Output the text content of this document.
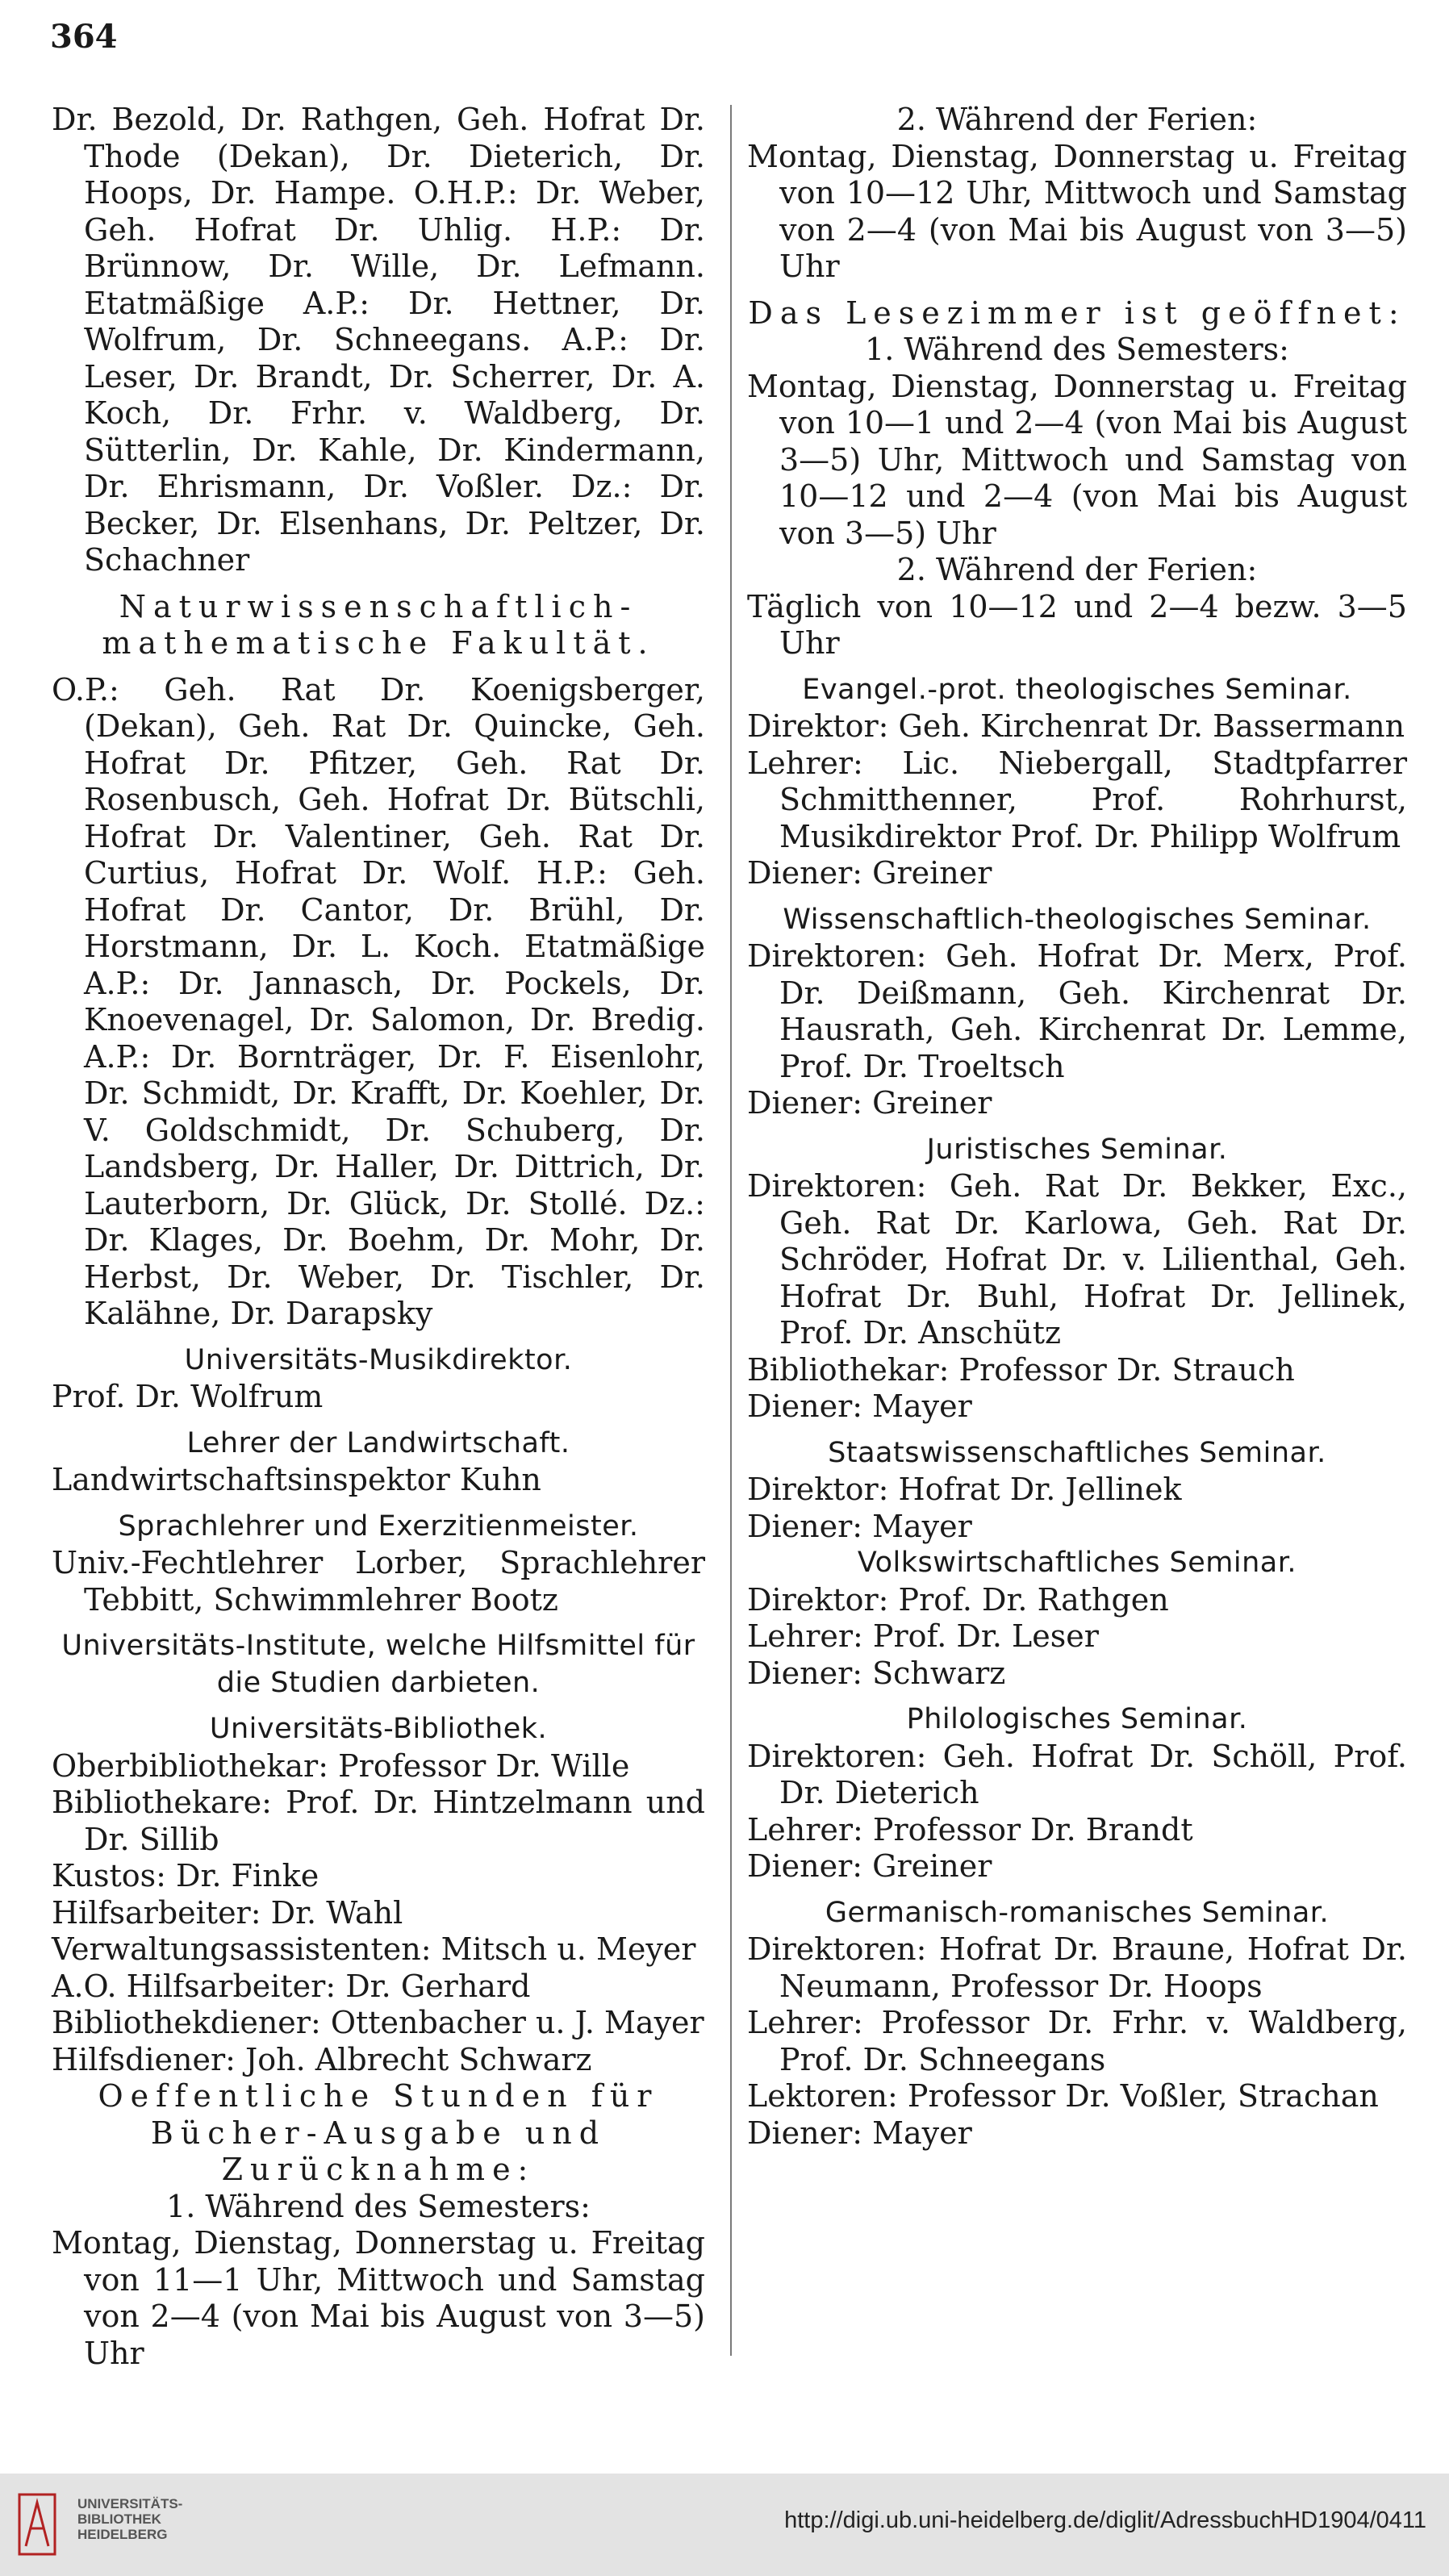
364

Dr. Bezold, Dr. Rathgen, Geh. Hofrat Dr. Thode (Dekan), Dr. Dieterich, Dr. Hoops, Dr. Hampe. O.H.P.: Dr. Weber, Geh. Hofrat Dr. Uhlig. H.P.: Dr. Brünnow, Dr. Wille, Dr. Lefmann. Etatmäßige A.P.: Dr. Hettner, Dr. Wolfrum, Dr. Schneegans. A.P.: Dr. Leser, Dr. Brandt, Dr. Scherrer, Dr. A. Koch, Dr. Frhr. v. Waldberg, Dr. Sütterlin, Dr. Kahle, Dr. Kindermann, Dr. Ehrismann, Dr. Voßler. Dz.: Dr. Becker, Dr. Elsenhans, Dr. Peltzer, Dr. Schachner

Naturwissenschaftlich-mathematische Fakultät.

O.P.: Geh. Rat Dr. Koenigsberger, (Dekan), Geh. Rat Dr. Quincke, Geh. Hofrat Dr. Pfitzer, Geh. Rat Dr. Rosenbusch, Geh. Hofrat Dr. Bütschli, Hofrat Dr. Valentiner, Geh. Rat Dr. Curtius, Hofrat Dr. Wolf. H.P.: Geh. Hofrat Dr. Cantor, Dr. Brühl, Dr. Horstmann, Dr. L. Koch. Etatmäßige A.P.: Dr. Jannasch, Dr. Pockels, Dr. Knoevenagel, Dr. Salomon, Dr. Bredig. A.P.: Dr. Bornträger, Dr. F. Eisenlohr, Dr. Schmidt, Dr. Krafft, Dr. Koehler, Dr. V. Goldschmidt, Dr. Schuberg, Dr. Landsberg, Dr. Haller, Dr. Dittrich, Dr. Lauterborn, Dr. Glück, Dr. Stollé. Dz.: Dr. Klages, Dr. Boehm, Dr. Mohr, Dr. Herbst, Dr. Weber, Dr. Tischler, Dr. Kalähne, Dr. Darapsky

Universitäts-Musikdirektor.

Prof. Dr. Wolfrum

Lehrer der Landwirtschaft.

Landwirtschaftsinspektor Kuhn

Sprachlehrer und Exerzitienmeister.

Univ.-Fechtlehrer Lorber, Sprachlehrer Tebbitt, Schwimmlehrer Bootz

Universitäts-Institute, welche Hilfsmittel für die Studien darbieten.

Universitäts-Bibliothek.

Oberbibliothekar: Professor Dr. Wille

Bibliothekare: Prof. Dr. Hintzelmann und Dr. Sillib

Kustos: Dr. Finke

Hilfsarbeiter: Dr. Wahl

Verwaltungsassistenten: Mitsch u. Meyer

A.O. Hilfsarbeiter: Dr. Gerhard

Bibliothekdiener: Ottenbacher u. J. Mayer

Hilfsdiener: Joh. Albrecht Schwarz

Oeffentliche Stunden für Bücher-Ausgabe und Zurücknahme:

1. Während des Semesters:

Montag, Dienstag, Donnerstag u. Freitag von 11—1 Uhr, Mittwoch und Samstag von 2—4 (von Mai bis August von 3—5) Uhr

2. Während der Ferien:

Montag, Dienstag, Donnerstag u. Freitag von 10—12 Uhr, Mittwoch und Samstag von 2—4 (von Mai bis August von 3—5) Uhr

Das Lesezimmer ist geöffnet:

1. Während des Semesters:

Montag, Dienstag, Donnerstag u. Freitag von 10—1 und 2—4 (von Mai bis August 3—5) Uhr, Mittwoch und Samstag von 10—12 und 2—4 (von Mai bis August von 3—5) Uhr

2. Während der Ferien:

Täglich von 10—12 und 2—4 bezw. 3—5 Uhr

Evangel.-prot. theologisches Seminar.

Direktor: Geh. Kirchenrat Dr. Bassermann

Lehrer: Lic. Niebergall, Stadtpfarrer Schmitthenner, Prof. Rohrhurst, Musikdirektor Prof. Dr. Philipp Wolfrum

Diener: Greiner

Wissenschaftlich-theologisches Seminar.

Direktoren: Geh. Hofrat Dr. Merx, Prof. Dr. Deißmann, Geh. Kirchenrat Dr. Hausrath, Geh. Kirchenrat Dr. Lemme, Prof. Dr. Troeltsch

Diener: Greiner

Juristisches Seminar.

Direktoren: Geh. Rat Dr. Bekker, Exc., Geh. Rat Dr. Karlowa, Geh. Rat Dr. Schröder, Hofrat Dr. v. Lilienthal, Geh. Hofrat Dr. Buhl, Hofrat Dr. Jellinek, Prof. Dr. Anschütz

Bibliothekar: Professor Dr. Strauch

Diener: Mayer

Staatswissenschaftliches Seminar.

Direktor: Hofrat Dr. Jellinek

Diener: Mayer

Volkswirtschaftliches Seminar.

Direktor: Prof. Dr. Rathgen

Lehrer: Prof. Dr. Leser

Diener: Schwarz

Philologisches Seminar.

Direktoren: Geh. Hofrat Dr. Schöll, Prof. Dr. Dieterich

Lehrer: Professor Dr. Brandt

Diener: Greiner

Germanisch-romanisches Seminar.

Direktoren: Hofrat Dr. Braune, Hofrat Dr. Neumann, Professor Dr. Hoops

Lehrer: Professor Dr. Frhr. v. Waldberg, Prof. Dr. Schneegans

Lektoren: Professor Dr. Voßler, Strachan

Diener: Mayer

UNIVERSITÄTS-
BIBLIOTHEK
HEIDELBERG
http://digi.ub.uni-heidelberg.de/diglit/AdressbuchHD1904/0411
